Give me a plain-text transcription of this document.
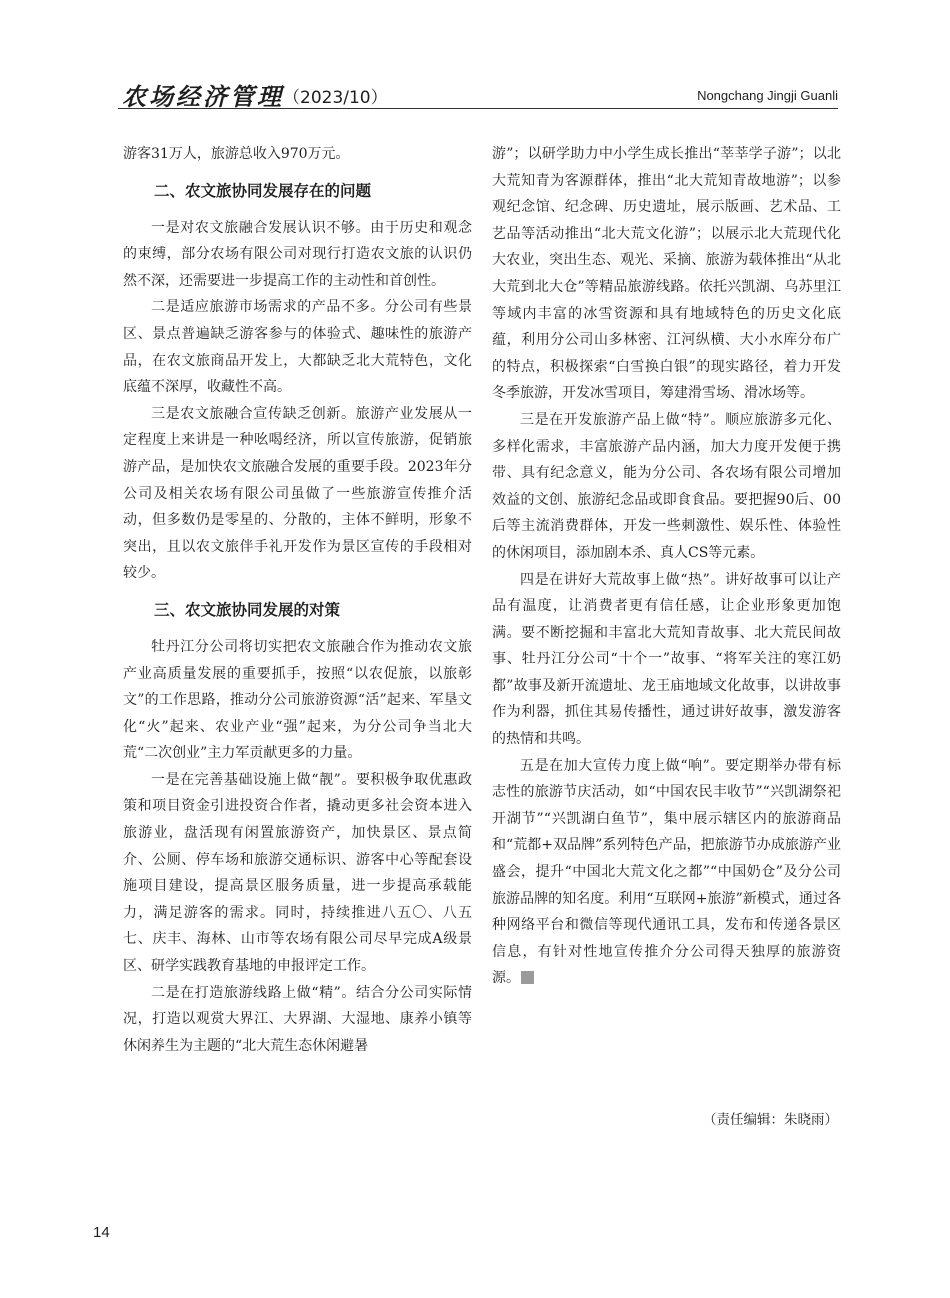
农场经济管理 （2023/10）	Nongchang Jingji Guanli

游客31万人，旅游总收入970万元。

二、农文旅协同发展存在的问题

一是对农文旅融合发展认识不够。由于历史和观念的束缚，部分农场有限公司对现行打造农文旅的认识仍然不深，还需要进一步提高工作的主动性和首创性。

二是适应旅游市场需求的产品不多。分公司有些景区、景点普遍缺乏游客参与的体验式、趣味性的旅游产品，在农文旅商品开发上，大都缺乏北大荒特色，文化底蕴不深厚，收藏性不高。

三是农文旅融合宣传缺乏创新。旅游产业发展从一定程度上来讲是一种吆喝经济，所以宣传旅游，促销旅游产品，是加快农文旅融合发展的重要手段。2023年分公司及相关农场有限公司虽做了一些旅游宣传推介活动，但多数仍是零星的、分散的，主体不鲜明，形象不突出，且以农文旅伴手礼开发作为景区宣传的手段相对较少。

三、农文旅协同发展的对策

牡丹江分公司将切实把农文旅融合作为推动农文旅产业高质量发展的重要抓手，按照“以农促旅，以旅彰文”的工作思路，推动分公司旅游资源“活”起来、军垦文化“火”起来、农业产业“强”起来，为分公司争当北大荒“二次创业”主力军贡献更多的力量。

一是在完善基础设施上做“靓”。要积极争取优惠政策和项目资金引进投资合作者，撬动更多社会资本进入旅游业，盘活现有闲置旅游资产，加快景区、景点简介、公厕、停车场和旅游交通标识、游客中心等配套设施项目建设，提高景区服务质量，进一步提高承载能力，满足游客的需求。同时，持续推进八五〇、八五七、庆丰、海林、山市等农场有限公司尽早完成A级景区、研学实践教育基地的申报评定工作。

二是在打造旅游线路上做“精”。结合分公司实际情况，打造以观赏大界江、大界湖、大湿地、康养小镇等休闲养生为主题的“北大荒生态休闲避暑

游”；以研学助力中小学生成长推出“莘莘学子游”；以北大荒知青为客源群体，推出“北大荒知青故地游”；以参观纪念馆、纪念碑、历史遗址，展示版画、艺术品、工艺品等活动推出“北大荒文化游”；以展示北大荒现代化大农业，突出生态、观光、采摘、旅游为载体推出“从北大荒到北大仓”等精品旅游线路。依托兴凯湖、乌苏里江等域内丰富的冰雪资源和具有地域特色的历史文化底蕴，利用分公司山多林密、江河纵横、大小水库分布广的特点，积极探索“白雪换白银”的现实路径，着力开发冬季旅游，开发冰雪项目，筹建滑雪场、滑冰场等。

三是在开发旅游产品上做“特”。顺应旅游多元化、多样化需求，丰富旅游产品内涵，加大力度开发便于携带、具有纪念意义，能为分公司、各农场有限公司增加效益的文创、旅游纪念品或即食食品。要把握90后、00后等主流消费群体，开发一些刺激性、娱乐性、体验性的休闲项目，添加剧本杀、真人CS等元素。

四是在讲好大荒故事上做“热”。讲好故事可以让产品有温度，让消费者更有信任感，让企业形象更加饱满。要不断挖掘和丰富北大荒知青故事、北大荒民间故事、牡丹江分公司“十个一”故事、“将军关注的寒江奶都”故事及新开流遗址、龙王庙地域文化故事，以讲故事作为利器，抓住其易传播性，通过讲好故事，激发游客的热情和共鸣。

五是在加大宣传力度上做“响”。要定期举办带有标志性的旅游节庆活动，如“中国农民丰收节”“兴凯湖祭祀开湖节”“兴凯湖白鱼节”，集中展示辖区内的旅游商品和“荒都+双品牌”系列特色产品，把旅游节办成旅游产业盛会，提升“中国北大荒文化之都”“中国奶仓”及分公司旅游品牌的知名度。利用“互联网+旅游”新模式，通过各种网络平台和微信等现代通讯工具，发布和传递各景区信息，有针对性地宣传推介分公司得天独厚的旅游资源。

（责任编辑：朱晓雨）
14
